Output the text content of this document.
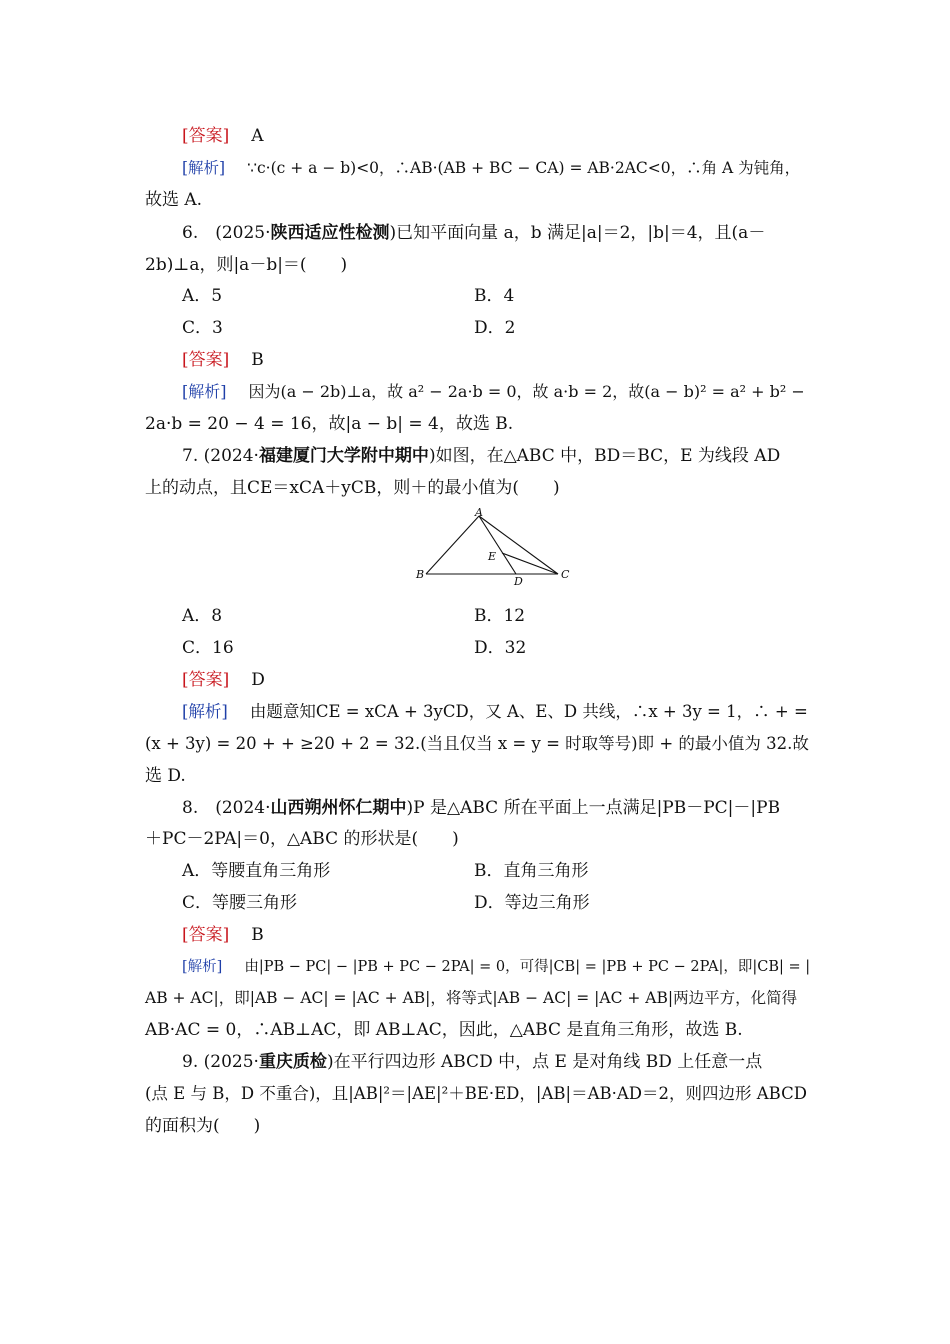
[答案] A
[解析] ∵c·(c + a − b)<0，∴AB·(AB + BC − CA) = AB·2AC<0，∴角 A 为钝角，
故选 A.
6.　(2025·陕西适应性检测)已知平面向量 a，b 满足|a|＝2，|b|＝4，且(a－
2b)⊥a，则|a－b|＝(　　)
A．5	B．4
C．3	D．2
[答案] B
[解析] 因为(a − 2b)⊥a，故 a² − 2a·b = 0，故 a·b = 2，故(a − b)² = a² + b² −
2a·b = 20 − 4 = 16，故|a − b| = 4，故选 B.
7. (2024·福建厦门大学附中期中)如图，在△ABC 中，BD＝BC，E 为线段 AD
上的动点，且CE＝xCA＋yCB，则＋的最小值为(　　)
A
B	C
D
E
A．8	B．12
C．16	D．32
[答案] D
[解析] 由题意知CE = xCA + 3yCD，又 A、E、D 共线，∴x + 3y = 1，∴ + =
(x + 3y) = 20 + + ≥20 + 2 = 32.(当且仅当 x = y = 时取等号)即 + 的最小值为 32.故
选 D.
8.　(2024·山西朔州怀仁期中)P 是△ABC 所在平面上一点满足|PB－PC|－|PB
＋PC－2PA|＝0，△ABC 的形状是(　　)
A．等腰直角三角形	B．直角三角形
C．等腰三角形	D．等边三角形
[答案] B
[解析] 由|PB − PC| − |PB + PC − 2PA| = 0，可得|CB| = |PB + PC − 2PA|，即|CB| = |
AB + AC|，即|AB − AC| = |AC + AB|，将等式|AB − AC| = |AC + AB|两边平方，化简得
AB·AC = 0，∴AB⊥AC，即 AB⊥AC，因此，△ABC 是直角三角形，故选 B.
9. (2025·重庆质检)在平行四边形 ABCD 中，点 E 是对角线 BD 上任意一点
(点 E 与 B，D 不重合)，且|AB|²＝|AE|²＋BE·ED，|AB|＝AB·AD＝2，则四边形 ABCD
的面积为(　　)
